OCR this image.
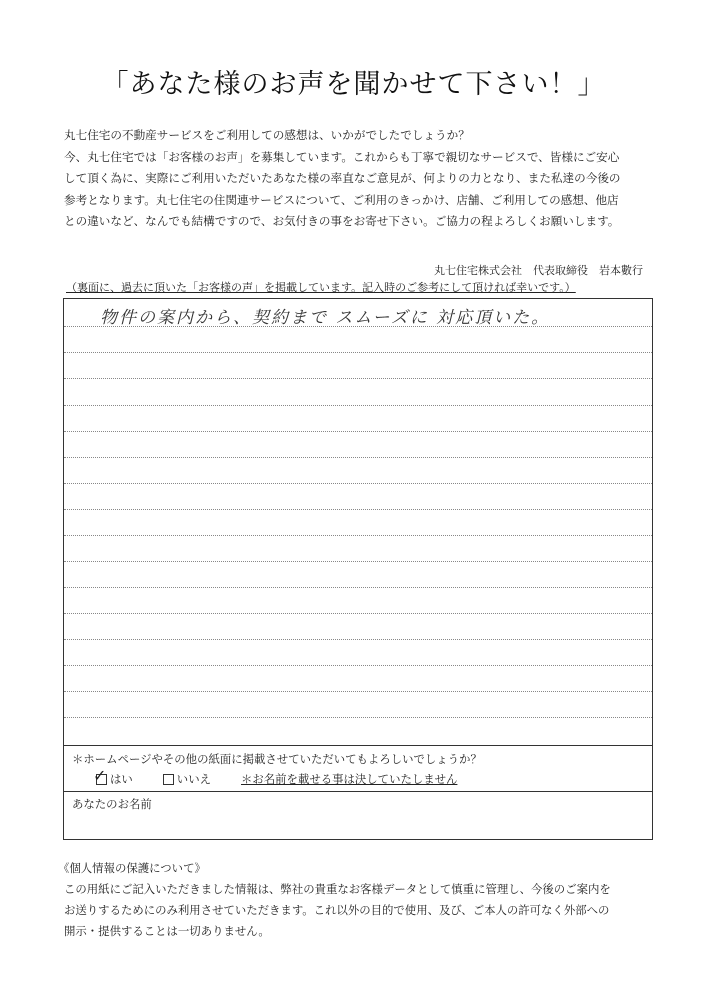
「あなた様のお声を聞かせて下さい！」

丸七住宅の不動産サービスをご利用しての感想は、いかがでしたでしょうか？

今、丸七住宅では「お客様のお声」を募集しています。これからも丁寧で親切なサービスで、皆様にご安心

して頂く為に、実際にご利用いただいたあなた様の率直なご意見が、何よりの力となり、また私達の今後の

参考となります。丸七住宅の住関連サービスについて、ご利用のきっかけ、店舗、ご利用しての感想、他店

との違いなど、なんでも結構ですので、お気付きの事をお寄せ下さい。ご協力の程よろしくお願いします。

丸七住宅株式会社　代表取締役　岩本數行
（裏面に、過去に頂いた「お客様の声」を掲載しています。記入時のご参考にして頂ければ幸いです。）
物件の案内から、契約まで スムーズに 対応頂いた。
＊ホームページやその他の紙面に掲載させていただいてもよろしいでしょうか？
✓
はい	いいえ	＊お名前を載せる事は決していたしません
あなたのお名前

《個人情報の保護について》

この用紙にご記入いただきました情報は、弊社の貴重なお客様データとして慎重に管理し、今後のご案内を

お送りするためにのみ利用させていただきます。これ以外の目的で使用、及び、ご本人の許可なく外部への

開示・提供することは一切ありません。
